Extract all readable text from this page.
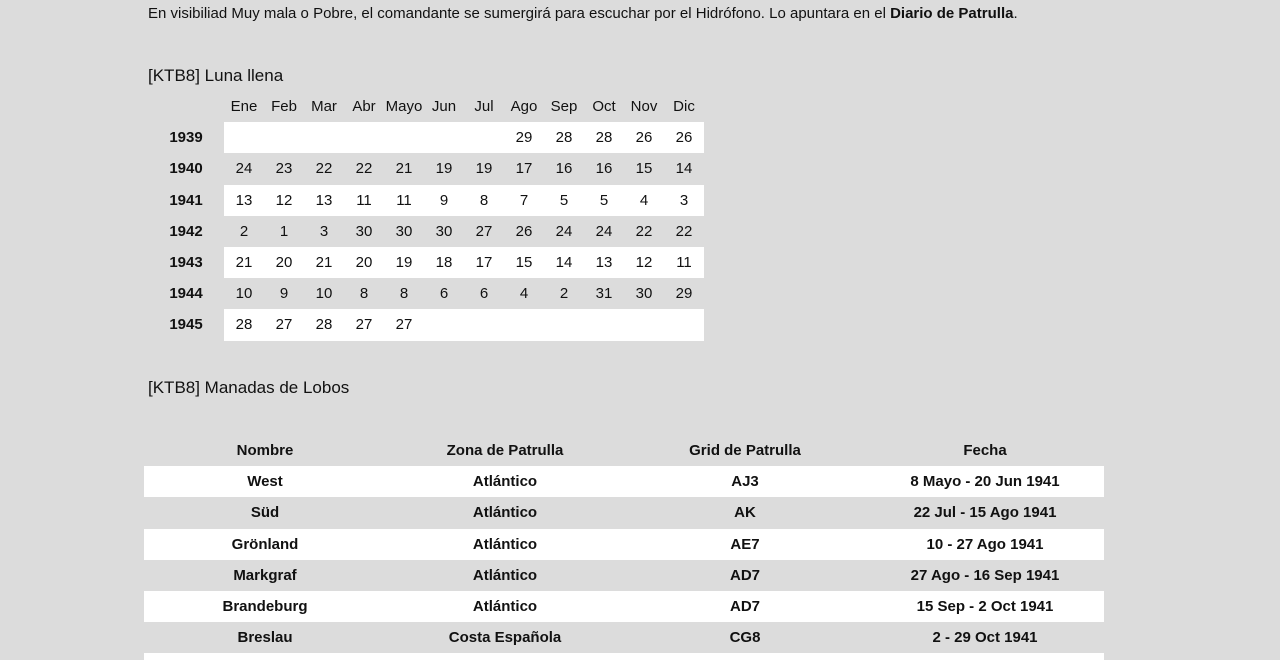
En visibiliad Muy mala o Pobre, el comandante se sumergirá para escuchar por el Hidrófono. Lo apuntara en el Diario de Patrulla.
[KTB8] Luna llena
	Ene	Feb	Mar	Abr	Mayo	Jun	Jul	Ago	Sep	Oct	Nov	Dic
1939								29	28	28	26	26
1940	24	23	22	22	21	19	19	17	16	16	15	14
1941	13	12	13	11	11	9	8	7	5	5	4	3
1942	2	1	3	30	30	30	27	26	24	24	22	22
1943	21	20	21	20	19	18	17	15	14	13	12	11
1944	10	9	10	8	8	6	6	4	2	31	30	29
1945	28	27	28	27	27							
[KTB8] Manadas de Lobos
Nombre	Zona de Patrulla	Grid de Patrulla	Fecha
West	Atlántico	AJ3	8 Mayo - 20 Jun 1941
Süd	Atlántico	AK	22 Jul - 15 Ago 1941
Grönland	Atlántico	AE7	10 - 27 Ago 1941
Markgraf	Atlántico	AD7	27 Ago - 16 Sep 1941
Brandeburg	Atlántico	AD7	15 Sep - 2 Oct 1941
Breslau	Costa Española	CG8	2 - 29 Oct 1941
